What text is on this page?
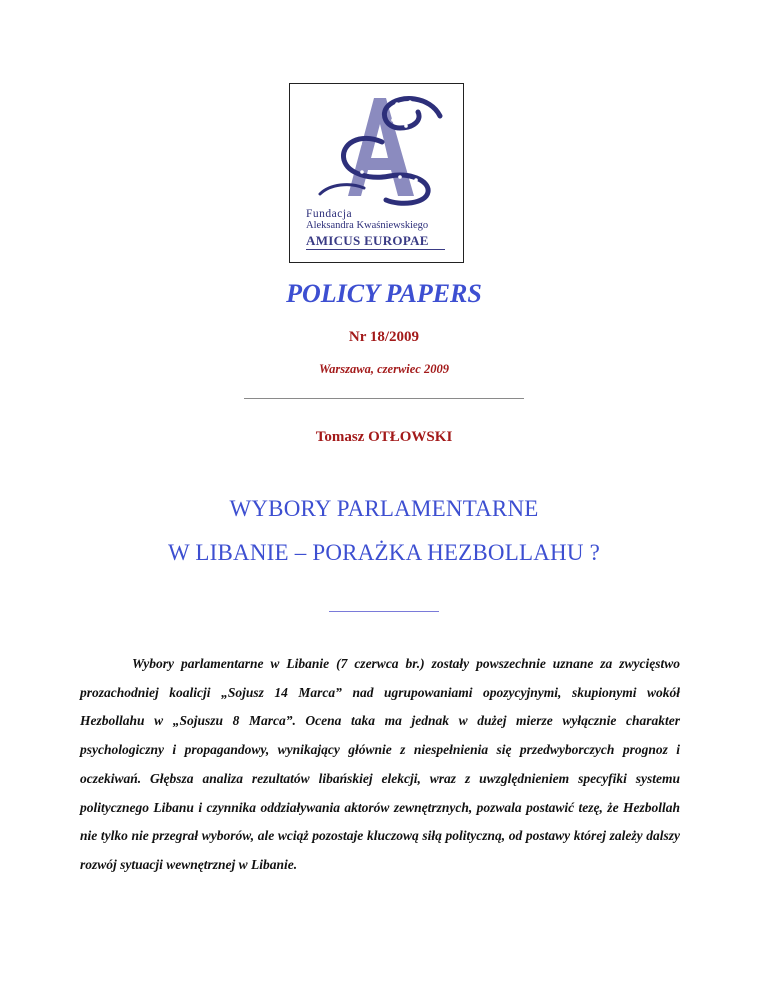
Fundacja
Aleksandra Kwaśniewskiego
AMICUS EUROPAE
POLICY PAPERS
Nr 18/2009
Warszawa, czerwiec 2009
Tomasz OTŁOWSKI
WYBORY PARLAMENTARNE
W LIBANIE – PORAŻKA HEZBOLLAHU ?
Wybory parlamentarne w Libanie (7 czerwca br.) zostały powszechnie uznane za zwycięstwo prozachodniej koalicji „Sojusz 14 Marca” nad ugrupowaniami opozycyjnymi, skupionymi wokół Hezbollahu w „Sojuszu 8 Marca”. Ocena taka ma jednak w dużej mierze wyłącznie charakter psychologiczny i propagandowy, wynikający głównie z niespełnienia się przedwyborczych prognoz i oczekiwań. Głębsza analiza rezultatów libańskiej elekcji, wraz z uwzględnieniem specyfiki systemu politycznego Libanu i czynnika oddziaływania aktorów zewnętrznych, pozwala postawić tezę, że Hezbollah nie tylko nie przegrał wyborów, ale wciąż pozostaje kluczową siłą polityczną, od postawy której zależy dalszy rozwój sytuacji wewnętrznej w Libanie.
